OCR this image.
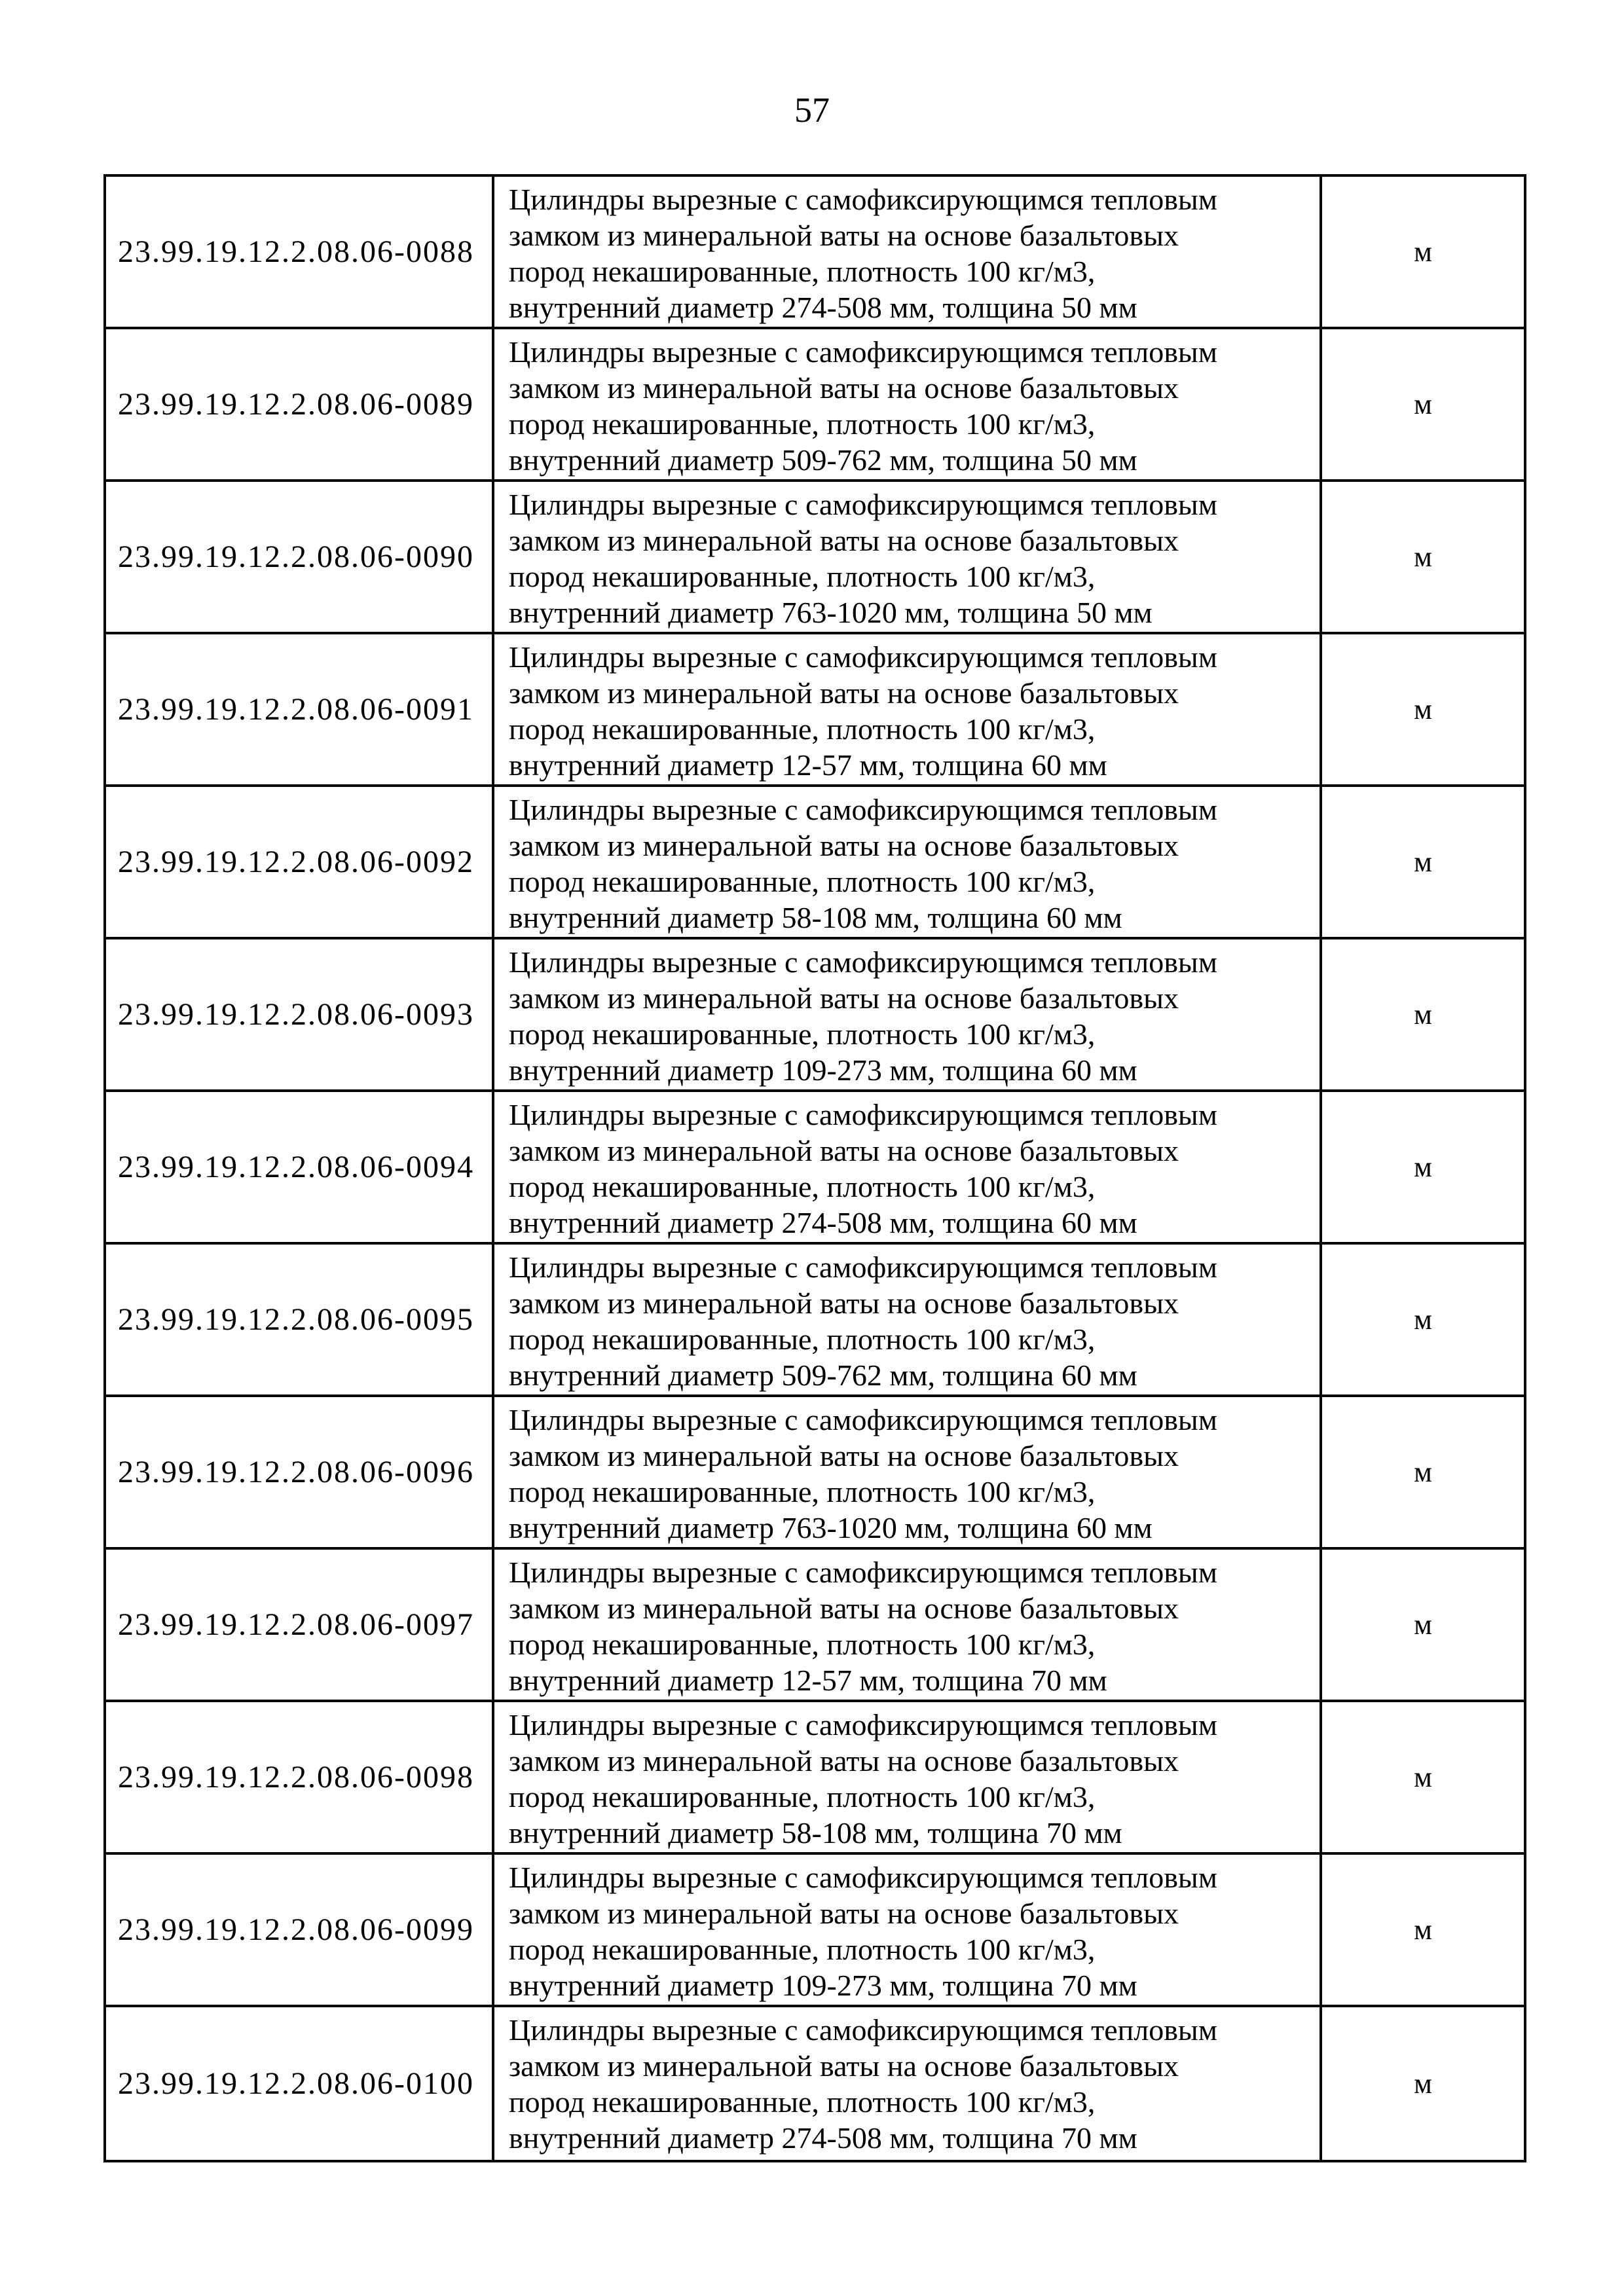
57
23.99.19.12.2.08.06-0088
Цилиндры вырезные с самофиксирующимся тепловым
замком из минеральной ваты на основе базальтовых
пород некашированные, плотность 100 кг/м3,
внутренний диаметр 274-508 мм, толщина 50 мм
м
23.99.19.12.2.08.06-0089
Цилиндры вырезные с самофиксирующимся тепловым
замком из минеральной ваты на основе базальтовых
пород некашированные, плотность 100 кг/м3,
внутренний диаметр 509-762 мм, толщина 50 мм
м
23.99.19.12.2.08.06-0090
Цилиндры вырезные с самофиксирующимся тепловым
замком из минеральной ваты на основе базальтовых
пород некашированные, плотность 100 кг/м3,
внутренний диаметр 763-1020 мм, толщина 50 мм
м
23.99.19.12.2.08.06-0091
Цилиндры вырезные с самофиксирующимся тепловым
замком из минеральной ваты на основе базальтовых
пород некашированные, плотность 100 кг/м3,
внутренний диаметр 12-57 мм, толщина 60 мм
м
23.99.19.12.2.08.06-0092
Цилиндры вырезные с самофиксирующимся тепловым
замком из минеральной ваты на основе базальтовых
пород некашированные, плотность 100 кг/м3,
внутренний диаметр 58-108 мм, толщина 60 мм
м
23.99.19.12.2.08.06-0093
Цилиндры вырезные с самофиксирующимся тепловым
замком из минеральной ваты на основе базальтовых
пород некашированные, плотность 100 кг/м3,
внутренний диаметр 109-273 мм, толщина 60 мм
м
23.99.19.12.2.08.06-0094
Цилиндры вырезные с самофиксирующимся тепловым
замком из минеральной ваты на основе базальтовых
пород некашированные, плотность 100 кг/м3,
внутренний диаметр 274-508 мм, толщина 60 мм
м
23.99.19.12.2.08.06-0095
Цилиндры вырезные с самофиксирующимся тепловым
замком из минеральной ваты на основе базальтовых
пород некашированные, плотность 100 кг/м3,
внутренний диаметр 509-762 мм, толщина 60 мм
м
23.99.19.12.2.08.06-0096
Цилиндры вырезные с самофиксирующимся тепловым
замком из минеральной ваты на основе базальтовых
пород некашированные, плотность 100 кг/м3,
внутренний диаметр 763-1020 мм, толщина 60 мм
м
23.99.19.12.2.08.06-0097
Цилиндры вырезные с самофиксирующимся тепловым
замком из минеральной ваты на основе базальтовых
пород некашированные, плотность 100 кг/м3,
внутренний диаметр 12-57 мм, толщина 70 мм
м
23.99.19.12.2.08.06-0098
Цилиндры вырезные с самофиксирующимся тепловым
замком из минеральной ваты на основе базальтовых
пород некашированные, плотность 100 кг/м3,
внутренний диаметр 58-108 мм, толщина 70 мм
м
23.99.19.12.2.08.06-0099
Цилиндры вырезные с самофиксирующимся тепловым
замком из минеральной ваты на основе базальтовых
пород некашированные, плотность 100 кг/м3,
внутренний диаметр 109-273 мм, толщина 70 мм
м
23.99.19.12.2.08.06-0100
Цилиндры вырезные с самофиксирующимся тепловым
замком из минеральной ваты на основе базальтовых
пород некашированные, плотность 100 кг/м3,
внутренний диаметр 274-508 мм, толщина 70 мм
м
